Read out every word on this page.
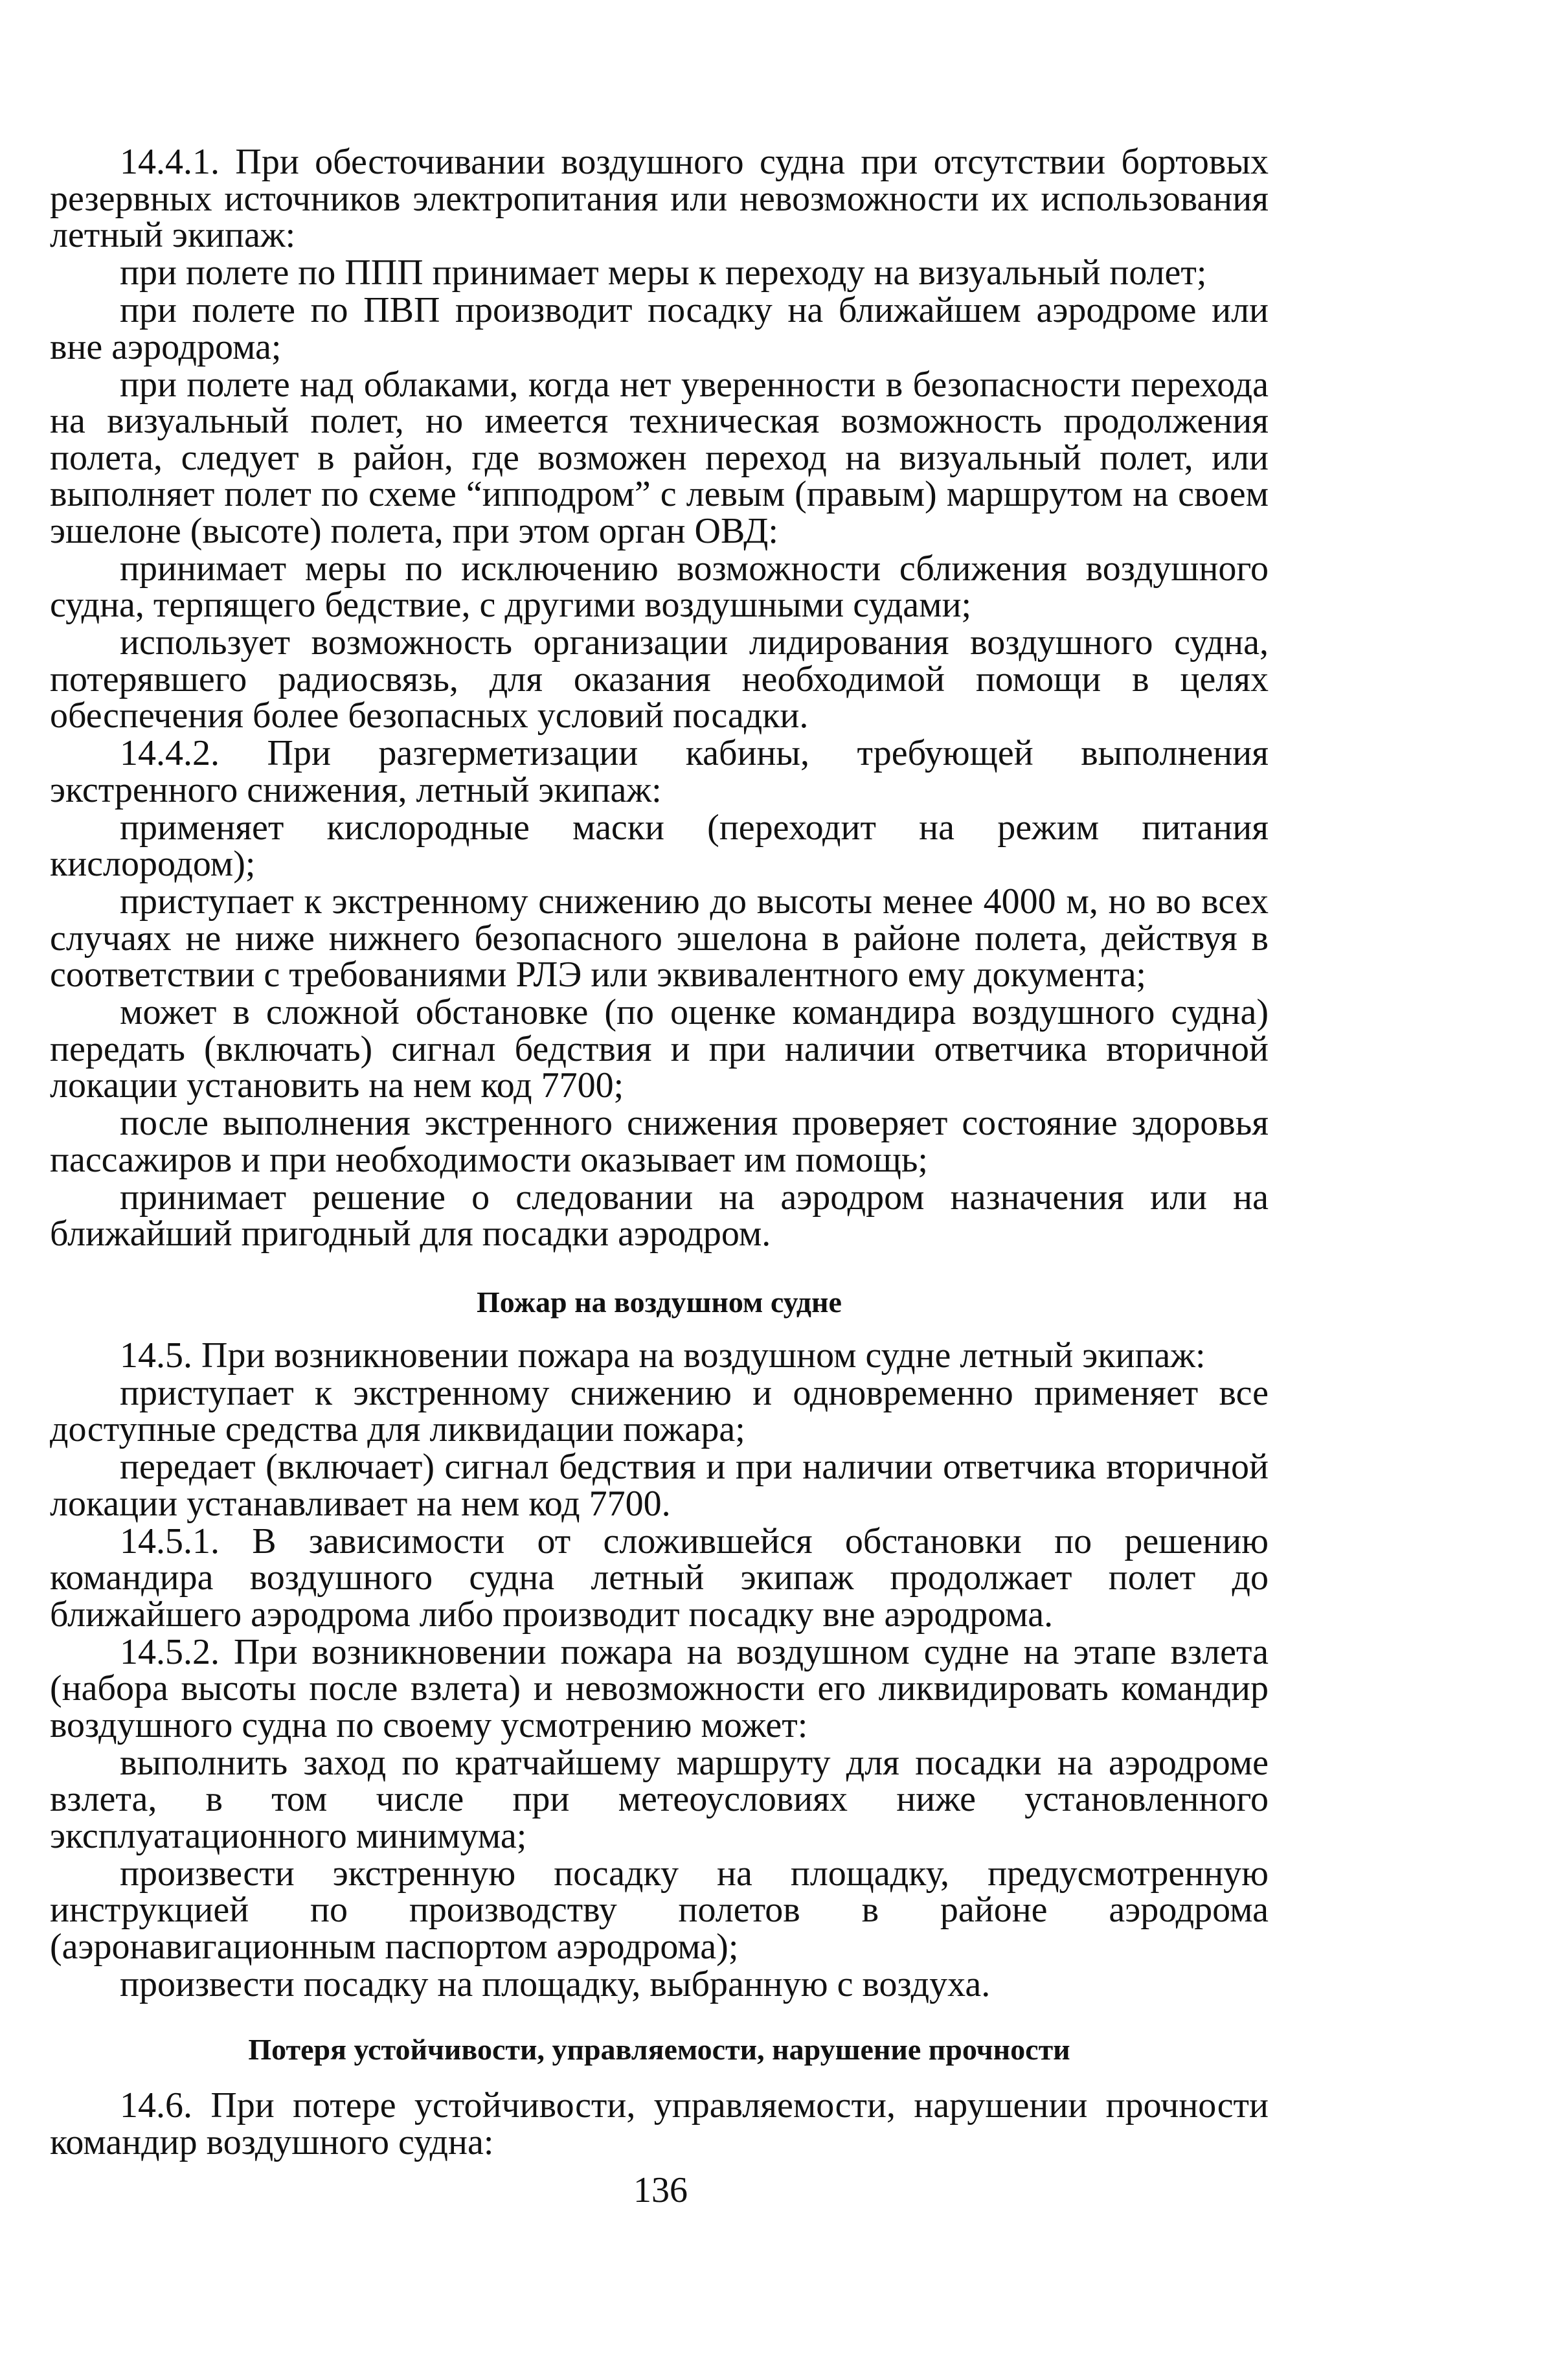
14.4.1. При обесточивании воздушного судна при отсутствии бортовых резервных источников электропитания или невозможности их использования летный экипаж:

при полете по ППП принимает меры к переходу на визуальный полет;

при полете по ПВП производит посадку на ближайшем аэродроме или вне аэродрома;

при полете над облаками, когда нет уверенности в безопасности перехода на визуальный полет, но имеется техническая возможность продолжения полета, следует в район, где возможен переход на визуальный полет, или выполняет полет по схеме “ипподром” с левым (правым) маршрутом на своем эшелоне (высоте) полета, при этом орган ОВД:

принимает меры по исключению возможности сближения воздушного судна, терпящего бедствие, с другими воздушными судами;

использует возможность организации лидирования воздушного судна, потерявшего радиосвязь, для оказания необходимой помощи в целях обеспечения более безопасных условий посадки.

14.4.2. При разгерметизации кабины, требующей выполнения экстренного снижения, летный экипаж:

применяет кислородные маски (переходит на режим питания кислородом);

приступает к экстренному снижению до высоты менее 4000 м, но во всех случаях не ниже нижнего безопасного эшелона в районе полета, действуя в соответствии с требованиями РЛЭ или эквивалентного ему документа;

может в сложной обстановке (по оценке командира воздушного судна) передать (включать) сигнал бедствия и при наличии ответчика вторичной локации установить на нем код 7700;

после выполнения экстренного снижения проверяет состояние здоровья пассажиров и при необходимости оказывает им помощь;

принимает решение о следовании на аэродром назначения или на ближайший пригодный для посадки аэродром.

Пожар на воздушном судне

14.5. При возникновении пожара на воздушном судне летный экипаж:

приступает к экстренному снижению и одновременно применяет все доступные средства для ликвидации пожара;

передает (включает) сигнал бедствия и при наличии ответчика вторичной локации устанавливает на нем код 7700.

14.5.1. В зависимости от сложившейся обстановки по решению командира воздушного судна летный экипаж продолжает полет до ближайшего аэродрома либо производит посадку вне аэродрома.

14.5.2. При возникновении пожара на воздушном судне на этапе взлета (набора высоты после взлета) и невозможности его ликвидировать командир воздушного судна по своему усмотрению может:

выполнить заход по кратчайшему маршруту для посадки на аэродроме взлета, в том числе при метеоусловиях ниже установленного эксплуатационного минимума;

произвести экстренную посадку на площадку, предусмотренную инструкцией по производству полетов в районе аэродрома (аэронавигационным паспортом аэродрома);

произвести посадку на площадку, выбранную с воздуха.

Потеря устойчивости, управляемости, нарушение прочности

14.6. При потере устойчивости, управляемости, нарушении прочности командир воздушного судна:

136
